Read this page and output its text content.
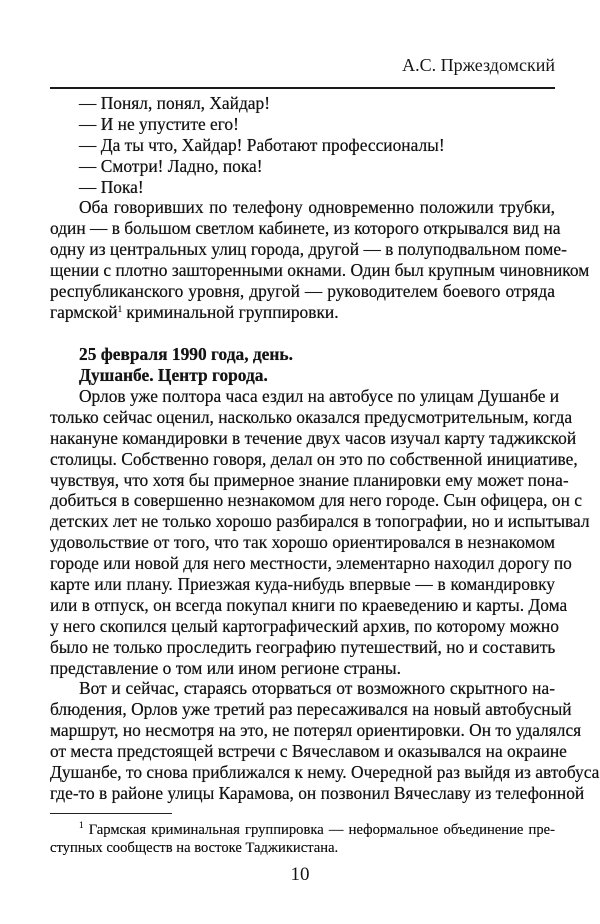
А.С. Пржездомский
— Понял, понял, Хайдар!
— И не упустите его!
— Да ты что, Хайдар! Работают профессионалы!
— Смотри! Ладно, пока!
— Пока!
Оба говоривших по телефону одновременно положили трубки,
один — в большом светлом кабинете, из которого открывался вид на
одну из центральных улиц города, другой — в полуподвальном поме-
щении с плотно зашторенными окнами. Один был крупным чиновником
республиканского уровня, другой — руководителем боевого отряда
гармской$^1$ криминальной группировки.
25 февраля 1990 года, день.
Душанбе. Центр города.
Орлов уже полтора часа ездил на автобусе по улицам Душанбе и
только сейчас оценил, насколько оказался предусмотрительным, когда
накануне командировки в течение двух часов изучал карту таджикской
столицы. Собственно говоря, делал он это по собственной инициативе,
чувствуя, что хотя бы примерное знание планировки ему может пона-
добиться в совершенно незнакомом для него городе. Сын офицера, он с
детских лет не только хорошо разбирался в топографии, но и испытывал
удовольствие от того, что так хорошо ориентировался в незнакомом
городе или новой для него местности, элементарно находил дорогу по
карте или плану. Приезжая куда-нибудь впервые — в командировку
или в отпуск, он всегда покупал книги по краеведению и карты. Дома
у него скопился целый картографический архив, по которому можно
было не только проследить географию путешествий, но и составить
представление о том или ином регионе страны.
Вот и сейчас, стараясь оторваться от возможного скрытного на-
блюдения, Орлов уже третий раз пересаживался на новый автобусный
маршрут, но несмотря на это, не потерял ориентировки. Он то удалялся
от места предстоящей встречи с Вячеславом и оказывался на окраине
Душанбе, то снова приближался к нему. Очередной раз выйдя из автобуса
где-то в районе улицы Карамова, он позвонил Вячеславу из телефонной
$^1$ Гармская криминальная группировка — неформальное объединение пре-
ступных сообществ на востоке Таджикистана.
10
